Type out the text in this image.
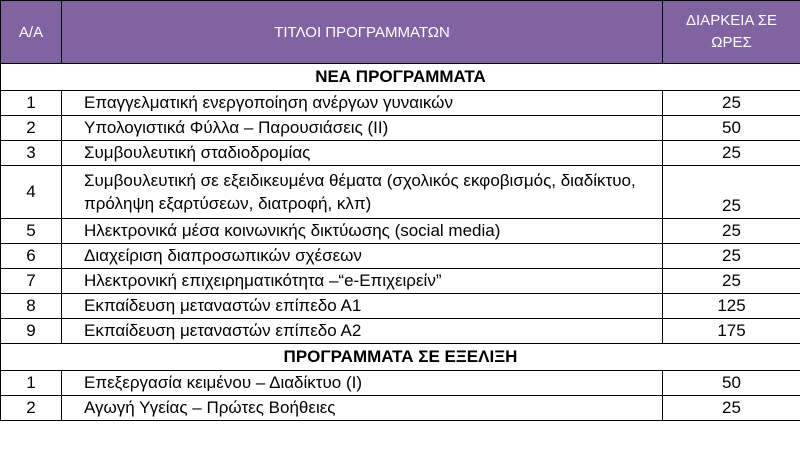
Α/Α	ΤΙΤΛΟΙ ΠΡΟΓΡΑΜΜΑΤΩΝ	ΔΙΑΡΚΕΙΑ ΣΕ ΩΡΕΣ
ΝΕΑ ΠΡΟΓΡΑΜΜΑΤΑ		
1	Επαγγελματική ενεργοποίηση ανέργων γυναικών	25
2	Υπολογιστικά Φύλλα – Παρουσιάσεις (ΙΙ)	50
3	Συμβουλευτική σταδιοδρομίας	25
4	Συμβουλευτική σε εξειδικευμένα θέματα (σχολικός εκφοβισμός, διαδίκτυο, πρόληψη εξαρτύσεων, διατροφή, κλπ)	25
5	Ηλεκτρονικά μέσα κοινωνικής δικτύωσης (social media)	25
6	Διαχείριση διαπροσωπικών σχέσεων	25
7	Ηλεκτρονική επιχειρηματικότητα –“e-Επιχειρείν”	25
8	Εκπαίδευση μεταναστών επίπεδο Α1	125
9	Εκπαίδευση μεταναστών επίπεδο Α2	175
ΠΡΟΓΡΑΜΜΑΤΑ ΣΕ ΕΞΕΛΙΞΗ		
1	Επεξεργασία κειμένου – Διαδίκτυο (Ι)	50
2	Αγωγή Υγείας – Πρώτες Βοήθειες	25
